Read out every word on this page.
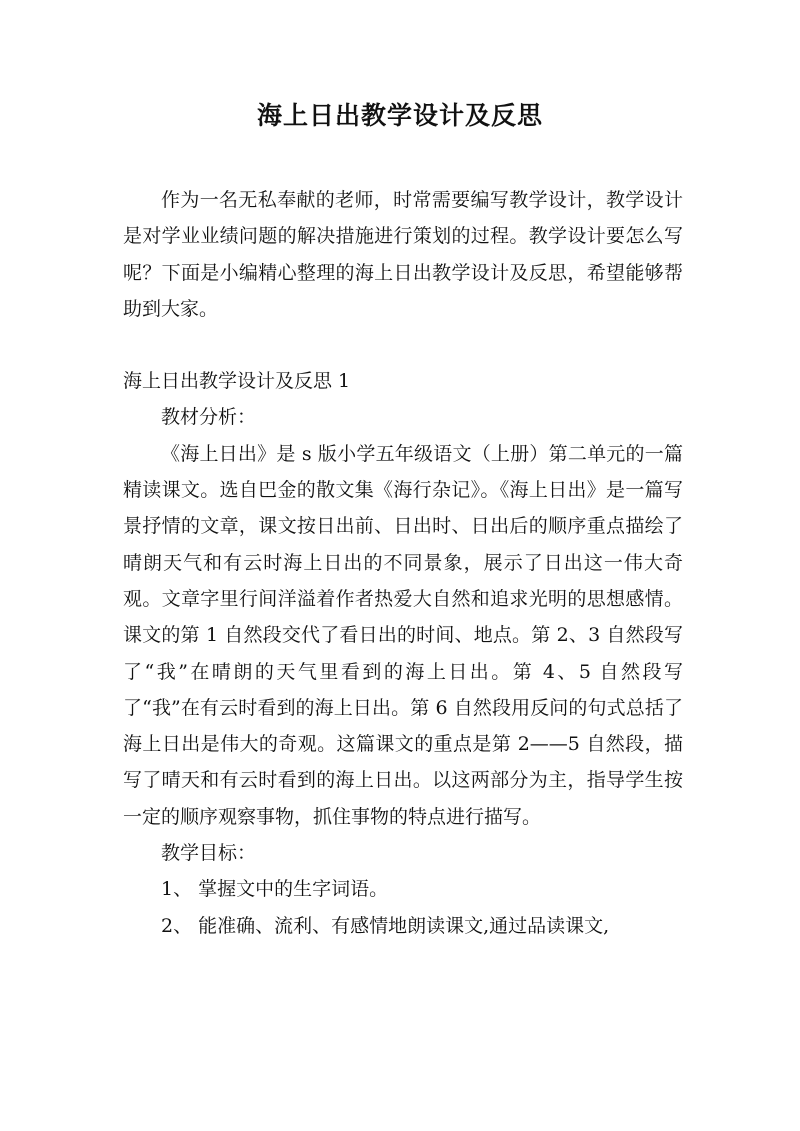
海上日出教学设计及反思

作为一名无私奉献的老师，时常需要编写教学设计，教学设计是对学业业绩问题的解决措施进行策划的过程。教学设计要怎么写呢？下面是小编精心整理的海上日出教学设计及反思，希望能够帮助到大家。

海上日出教学设计及反思 1

教材分析：

《海上日出》是 s 版小学五年级语文（上册）第二单元的一篇精读课文。选自巴金的散文集《海行杂记》。《海上日出》是一篇写景抒情的文章，课文按日出前、日出时、日出后的顺序重点描绘了晴朗天气和有云时海上日出的不同景象，展示了日出这一伟大奇观。文章字里行间洋溢着作者热爱大自然和追求光明的思想感情。课文的第 1 自然段交代了看日出的时间、地点。第 2、3 自然段写了“我”在晴朗的天气里看到的海上日出。第 4、5 自然段写了“我”在有云时看到的海上日出。第 6 自然段用反问的句式总括了海上日出是伟大的奇观。这篇课文的重点是第 2——5 自然段，描写了晴天和有云时看到的海上日出。以这两部分为主，指导学生按一定的顺序观察事物，抓住事物的特点进行描写。

教学目标：

1、 掌握文中的生字词语。

2、 能准确、流利、有感情地朗读课文,通过品读课文,
